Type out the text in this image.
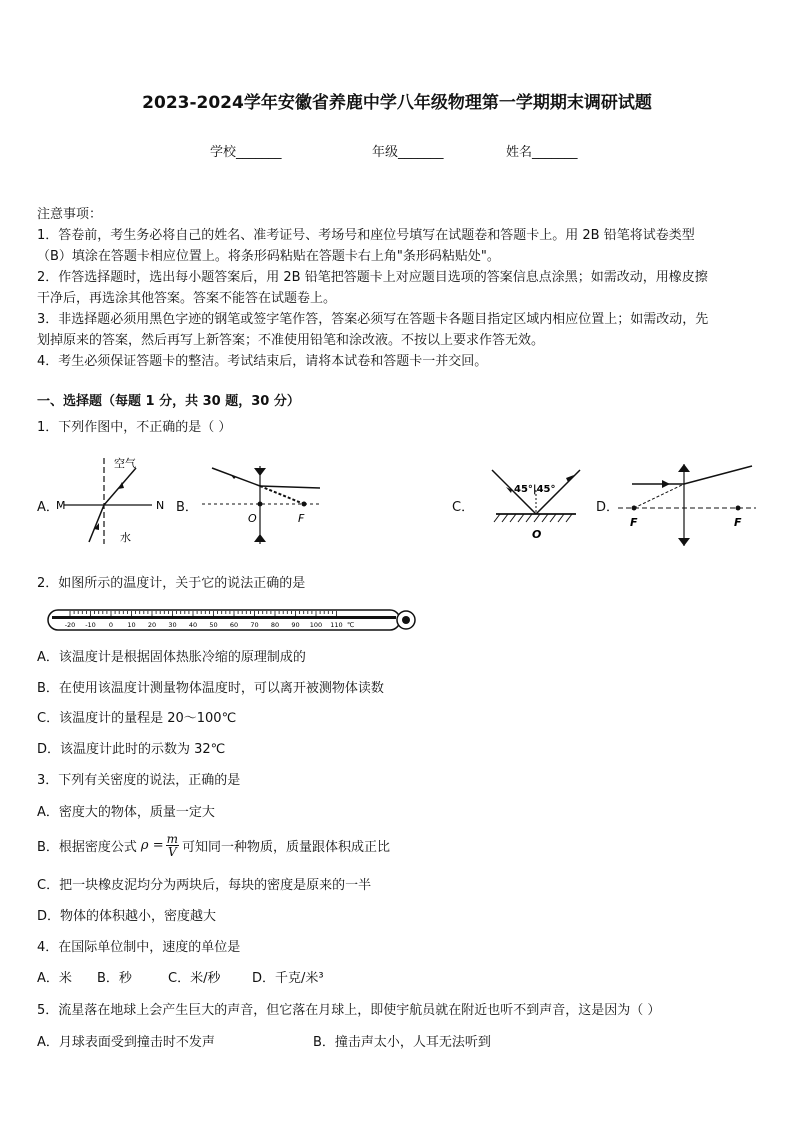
2023-2024学年安徽省养鹿中学八年级物理第一学期期末调研试题
学校_______	年级_______	姓名_______
注意事项：
1．答卷前，考生务必将自己的姓名、准考证号、考场号和座位号填写在试题卷和答题卡上。用 2B 铅笔将试卷类型
（B）填涂在答题卡相应位置上。将条形码粘贴在答题卡右上角"条形码粘贴处"。
2．作答选择题时，选出每小题答案后，用 2B 铅笔把答题卡上对应题目选项的答案信息点涂黑；如需改动，用橡皮擦
干净后，再选涂其他答案。答案不能答在试题卷上。
3．非选择题必须用黑色字迹的钢笔或签字笔作答，答案必须写在答题卡各题目指定区域内相应位置上；如需改动，先
划掉原来的答案，然后再写上新答案；不准使用铅笔和涂改液。不按以上要求作答无效。
4．考生必须保证答题卡的整洁。考试结束后，请将本试卷和答题卡一并交回。
一、选择题（每题 1 分，共 30 题，30 分）
1．下列作图中，不正确的是（ ）
A．
空气
水
M	N B．
O	F
C．
45°|45°
O
D．
F	F
2．如图所示的温度计，关于它的说法正确的是
-20 -10 0 10 20 30 40 50 60 70 80 90 100 110 ℃
A．该温度计是根据固体热胀冷缩的原理制成的
B．在使用该温度计测量物体温度时，可以离开被测物体读数
C．该温度计的量程是 20～100℃
D．该温度计此时的示数为 32℃
3．下列有关密度的说法，正确的是
A．密度大的物体，质量一定大
B．根据密度公式 $\rho = \frac{m}{V}$ 可知同一种物质，质量跟体积成正比
C．把一块橡皮泥均分为两块后，每块的密度是原来的一半
D．物体的体积越小，密度越大
4．在国际单位制中，速度的单位是
A．米 B．秒	C．米/秒 D．千克/米³
5．流星落在地球上会产生巨大的声音，但它落在月球上，即使宇航员就在附近也听不到声音，这是因为（ ）
A．月球表面受到撞击时不发声	B．撞击声太小，人耳无法听到
